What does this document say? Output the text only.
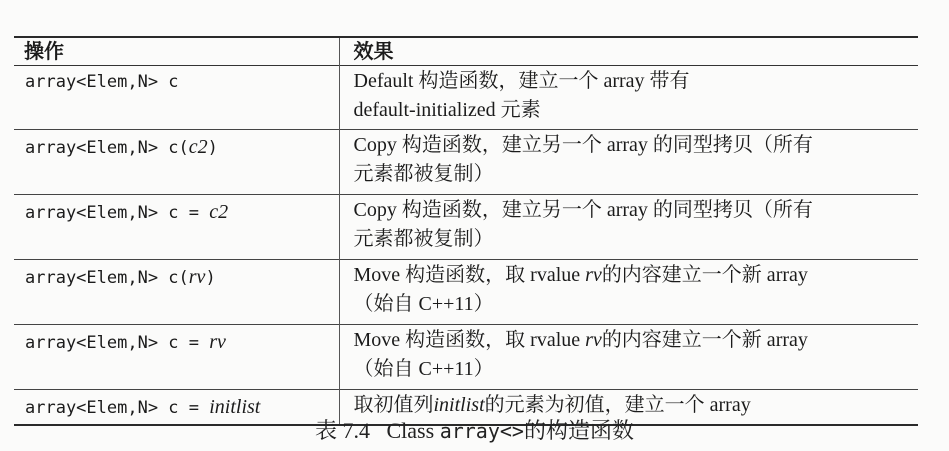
操作	效果
array<Elem,N> c	Default 构造函数，建立一个 array 带有
default-initialized 元素

array<Elem,N> c(c2)	Copy 构造函数，建立另一个 array 的同型拷贝（所有
元素都被复制）

array<Elem,N> c = c2	Copy 构造函数，建立另一个 array 的同型拷贝（所有
元素都被复制）

array<Elem,N> c(rv)	Move 构造函数，取 rvalue rv的内容建立一个新 array
（始自 C++11）

array<Elem,N> c = rv	Move 构造函数，取 rvalue rv的内容建立一个新 array
（始自 C++11）

array<Elem,N> c = initlist	取初值列initlist的元素为初值，建立一个 array
表 7.4 Class array<>的构造函数
